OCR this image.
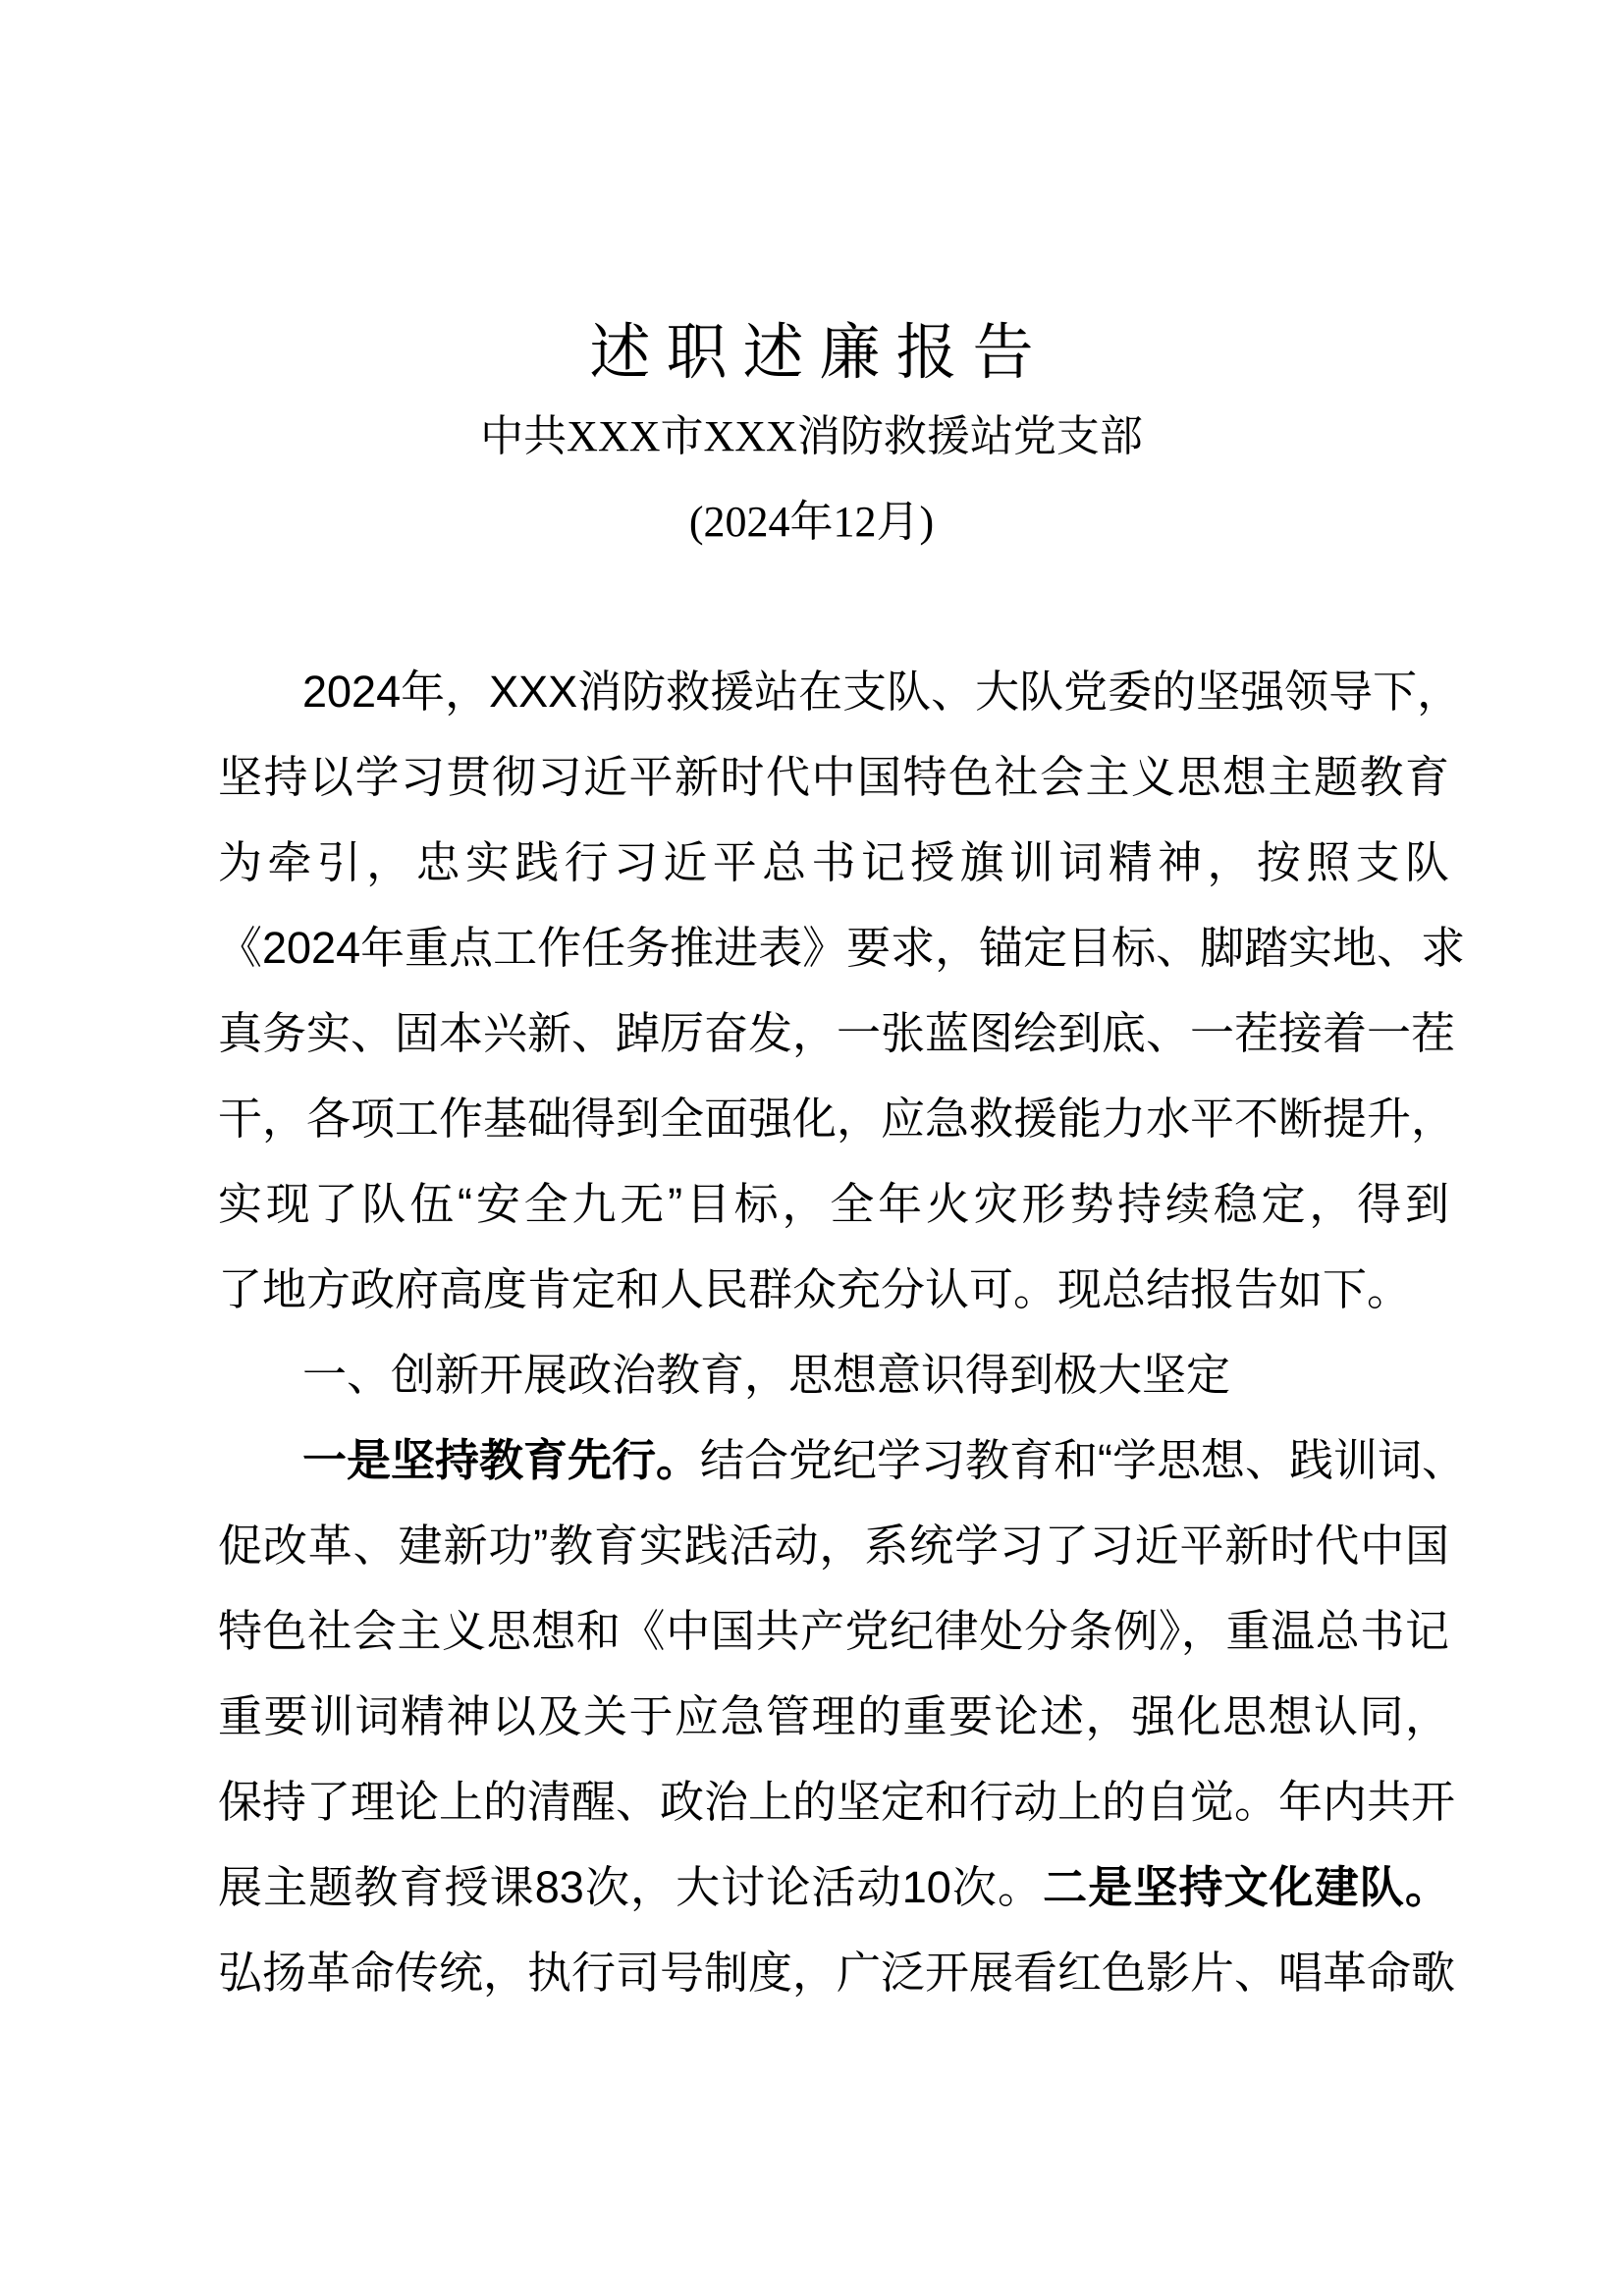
述职述廉报告
中共XXX市XXX消防救援站党支部
(2024年12月)
2024年，XXX消防救援站在支队、大队党委的坚强领导下，
坚持以学习贯彻习近平新时代中国特色社会主义思想主题教育
为牵引，忠实践行习近平总书记授旗训词精神，按照支队
《2024年重点工作任务推进表》要求，锚定目标、脚踏实地、求
真务实、固本兴新、踔厉奋发，一张蓝图绘到底、一茬接着一茬
干，各项工作基础得到全面强化，应急救援能力水平不断提升，
实现了队伍“安全九无”目标，全年火灾形势持续稳定，得到
了地方政府高度肯定和人民群众充分认可。现总结报告如下。
一、创新开展政治教育，思想意识得到极大坚定
一是坚持教育先行。结合党纪学习教育和“学思想、践训词、
促改革、建新功”教育实践活动，系统学习了习近平新时代中国
特色社会主义思想和《中国共产党纪律处分条例》，重温总书记
重要训词精神以及关于应急管理的重要论述，强化思想认同，
保持了理论上的清醒、政治上的坚定和行动上的自觉。年内共开
展主题教育授课83次，大讨论活动10次。二是坚持文化建队。
弘扬革命传统，执行司号制度，广泛开展看红色影片、唱革命歌
